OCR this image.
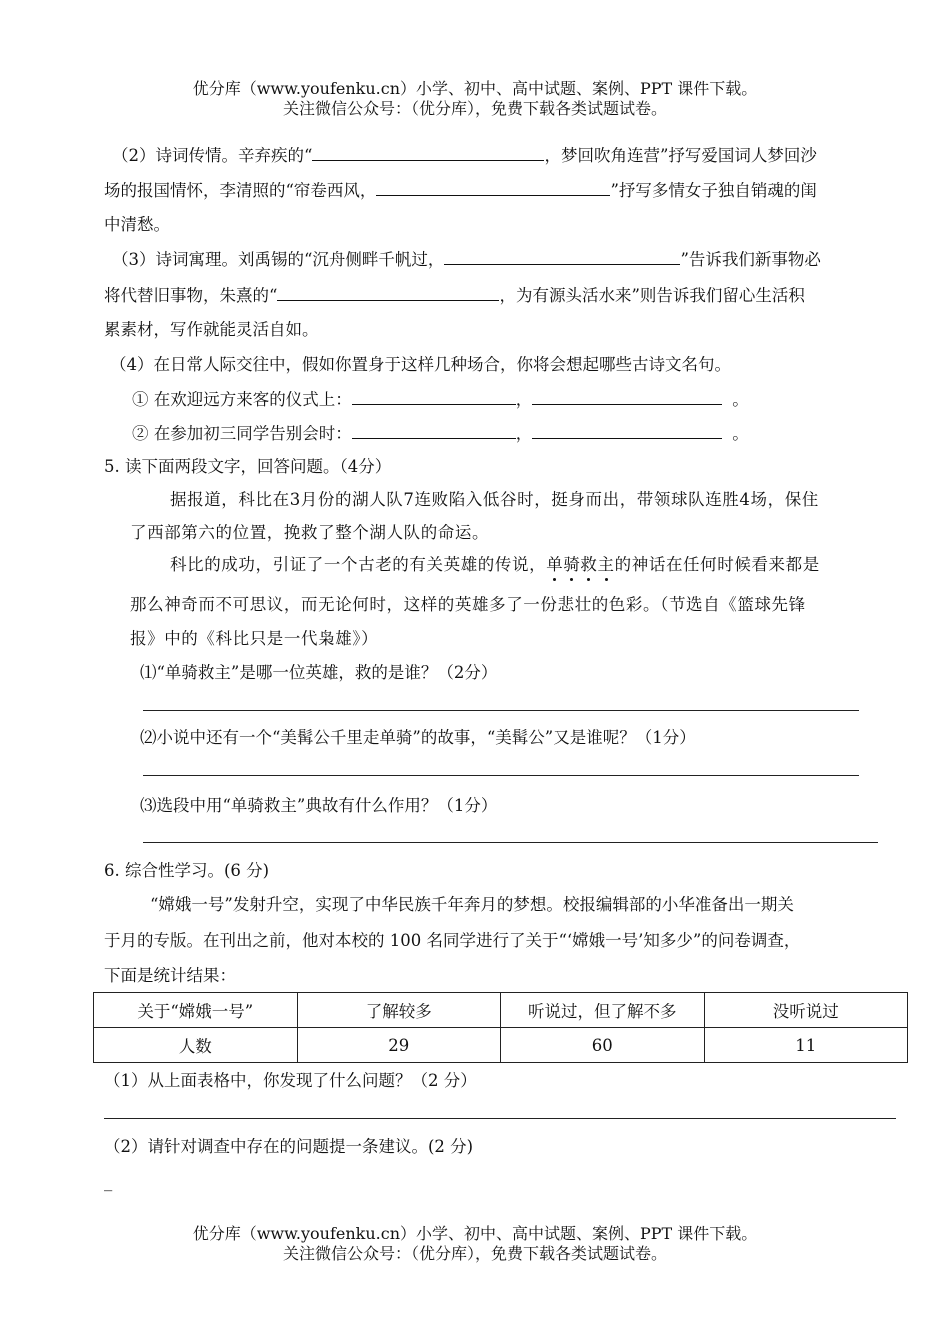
优分库（www.youfenku.cn）小学、初中、高中试题、案例、PPT 课件下载。
关注微信公众号：（优分库），免费下载各类试题试卷。
（2）诗词传情。辛弃疾的“	，梦回吹角连营”抒写爱国词人梦回沙
场的报国情怀，李清照的“帘卷西风，	”抒写多情女子独自销魂的闺
中清愁。
（3）诗词寓理。刘禹锡的“沉舟侧畔千帆过，	”告诉我们新事物必
将代替旧事物，朱熹的“	，为有源头活水来”则告诉我们留心生活积
累素材，写作就能灵活自如。
（4）在日常人际交往中，假如你置身于这样几种场合，你将会想起哪些古诗文名句。
① 在欢迎远方来客的仪式上：	，	。
② 在参加初三同学告别会时：	，	。
5. 读下面两段文字，回答问题。（4分）
据报道，科比在3月份的湖人队7连败陷入低谷时，挺身而出，带领球队连胜4场，保住
了西部第六的位置，挽救了整个湖人队的命运。
科比的成功，引证了一个古老的有关英雄的传说，单骑救主的神话在任何时候看来都是
那么神奇而不可思议，而无论何时，这样的英雄多了一份悲壮的色彩。（节选自《篮球先锋
报》中的《科比只是一代枭雄》）
⑴“单骑救主”是哪一位英雄，救的是谁？（2分）
⑵小说中还有一个“美髯公千里走单骑”的故事，“美髯公”又是谁呢？（1分）
⑶选段中用“单骑救主”典故有什么作用？（1分）
6. 综合性学习。(6 分)
“嫦娥一号”发射升空，实现了中华民族千年奔月的梦想。校报编辑部的小华准备出一期关
于月的专版。在刊出之前，他对本校的 100 名同学进行了关于“‘嫦娥一号’知多少”的问卷调查，
下面是统计结果：
关于“嫦娥一号”	了解较多	听说过，但了解不多	没听说过
人数	29	60	11
（1）从上面表格中，你发现了什么问题？（2 分）
（2）请针对调查中存在的问题提一条建议。(2 分)
_
优分库（www.youfenku.cn）小学、初中、高中试题、案例、PPT 课件下载。
关注微信公众号：（优分库），免费下载各类试题试卷。
